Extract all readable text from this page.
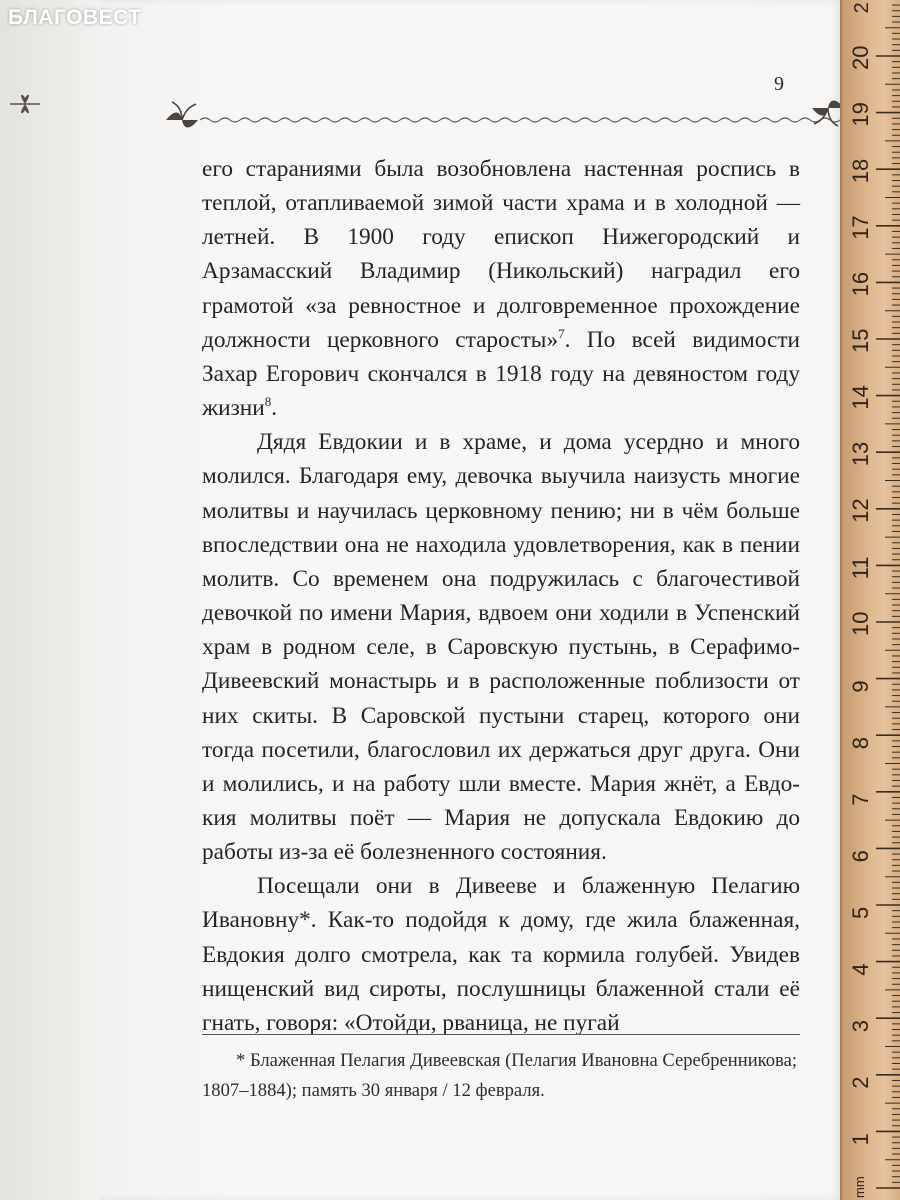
БЛАГОВЕСТ
9

его стараниями была возобновлена настенная роспись в теплой, отапливаемой зимой части храма и в холодной — летней. В 1900 году епископ Нижегородский и Арзамасский Владимир (Никольский) наградил его грамотой «за ревностное и долговременное прохождение должности церковного старосты»$^7$. По всей видимости Захар Егорович скончался в 1918 году на девяностом году жизни$^8$.

Дядя Евдокии и в храме, и дома усердно и много молился. Благодаря ему, девочка выучила наизусть многие молитвы и научилась церковному пению; ни в чём больше впоследствии она не находила удовлетворения, как в пении молитв. Со временем она подружилась с благочестивой девочкой по имени Мария, вдвоем они ходили в Успенский храм в родном селе, в Саровскую пустынь, в Серафимо-Дивеевский монастырь и в расположенные поблизости от них скиты. В Саровской пустыни старец, которого они тогда посетили, благословил их держаться друг друга. Они и молились, и на работу шли вместе. Мария жнёт, а Евдокия молитвы поёт — Мария не допускала Евдокию до работы из-за её болезненного состояния.

Посещали они в Дивееве и блаженную Пелагию Ивановну*. Как-то подойдя к дому, где жила блаженная, Евдокия долго смотрела, как та кормила голубей. Увидев нищенский вид сироты, послушницы блаженной стали её гнать, говоря: «Отойди, рваница, не пугай

* Блаженная Пелагия Дивеевская (Пелагия Ивановна Серебренникова; 1807–1884); память 30 января / 12 февраля.

2
20
19
18
17
16
15
14
13
12
11
10
9
8
7
6
5
4
3
2
1
mm
